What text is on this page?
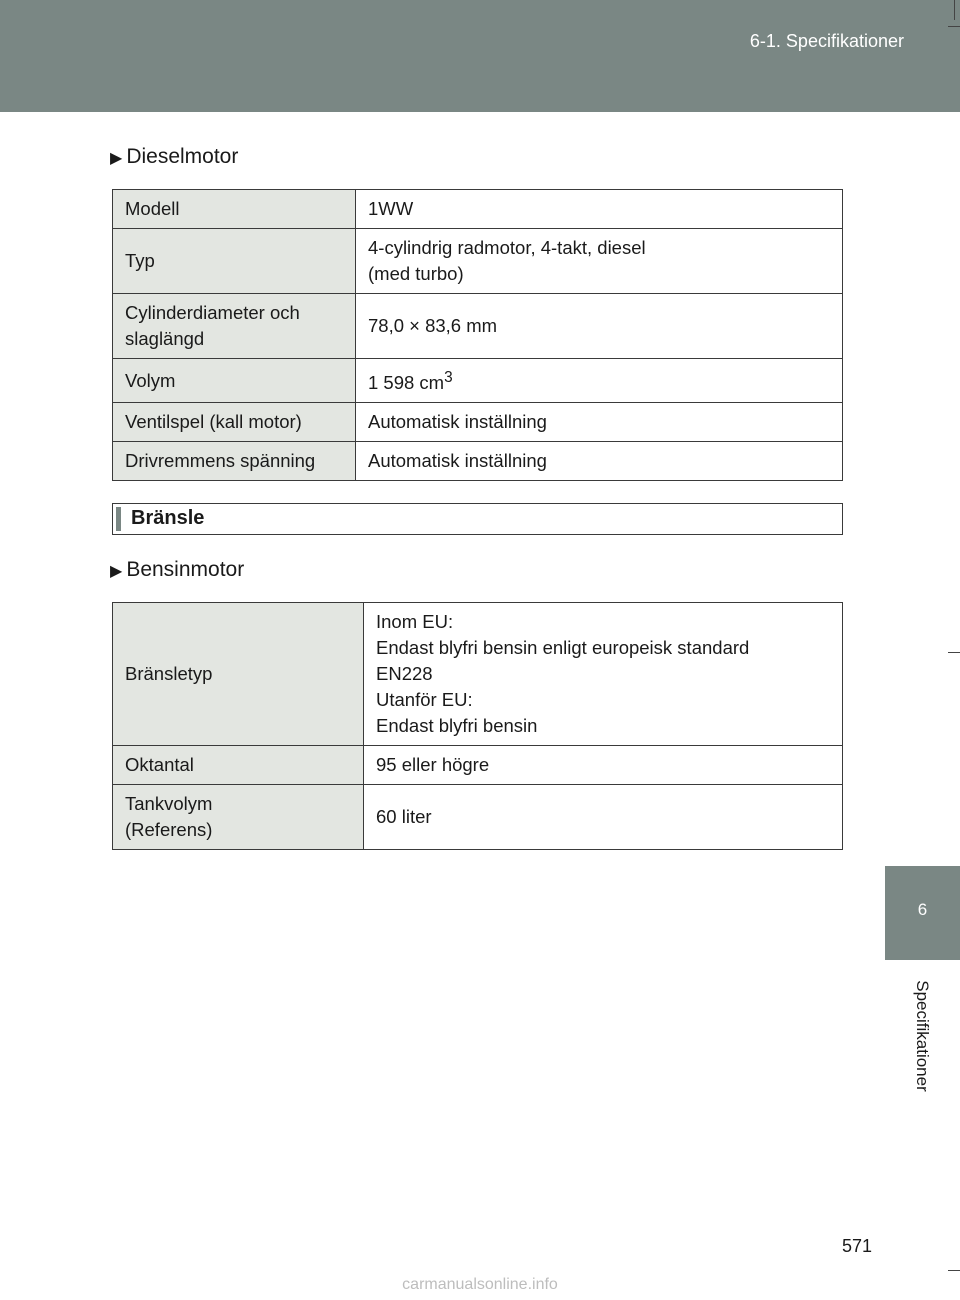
6-1. Specifikationer
6
Specifikationer
▶ Dieselmotor
Modell	1WW
Typ	4-cylindrig radmotor, 4-takt, diesel
(med turbo)
Cylinderdiameter och
slaglängd	78,0 × 83,6 mm
Volym	1 598 $cm^3$
Ventilspel (kall motor)	Automatisk inställning
Drivremmens spänning	Automatisk inställning
Bränsle
▶ Bensinmotor
Bränsletyp	Inom EU:
Endast blyfri bensin enligt europeisk standard
EN228
Utanför EU:
Endast blyfri bensin
Oktantal	95 eller högre
Tankvolym
(Referens)	60 liter
571
carmanualsonline.info
